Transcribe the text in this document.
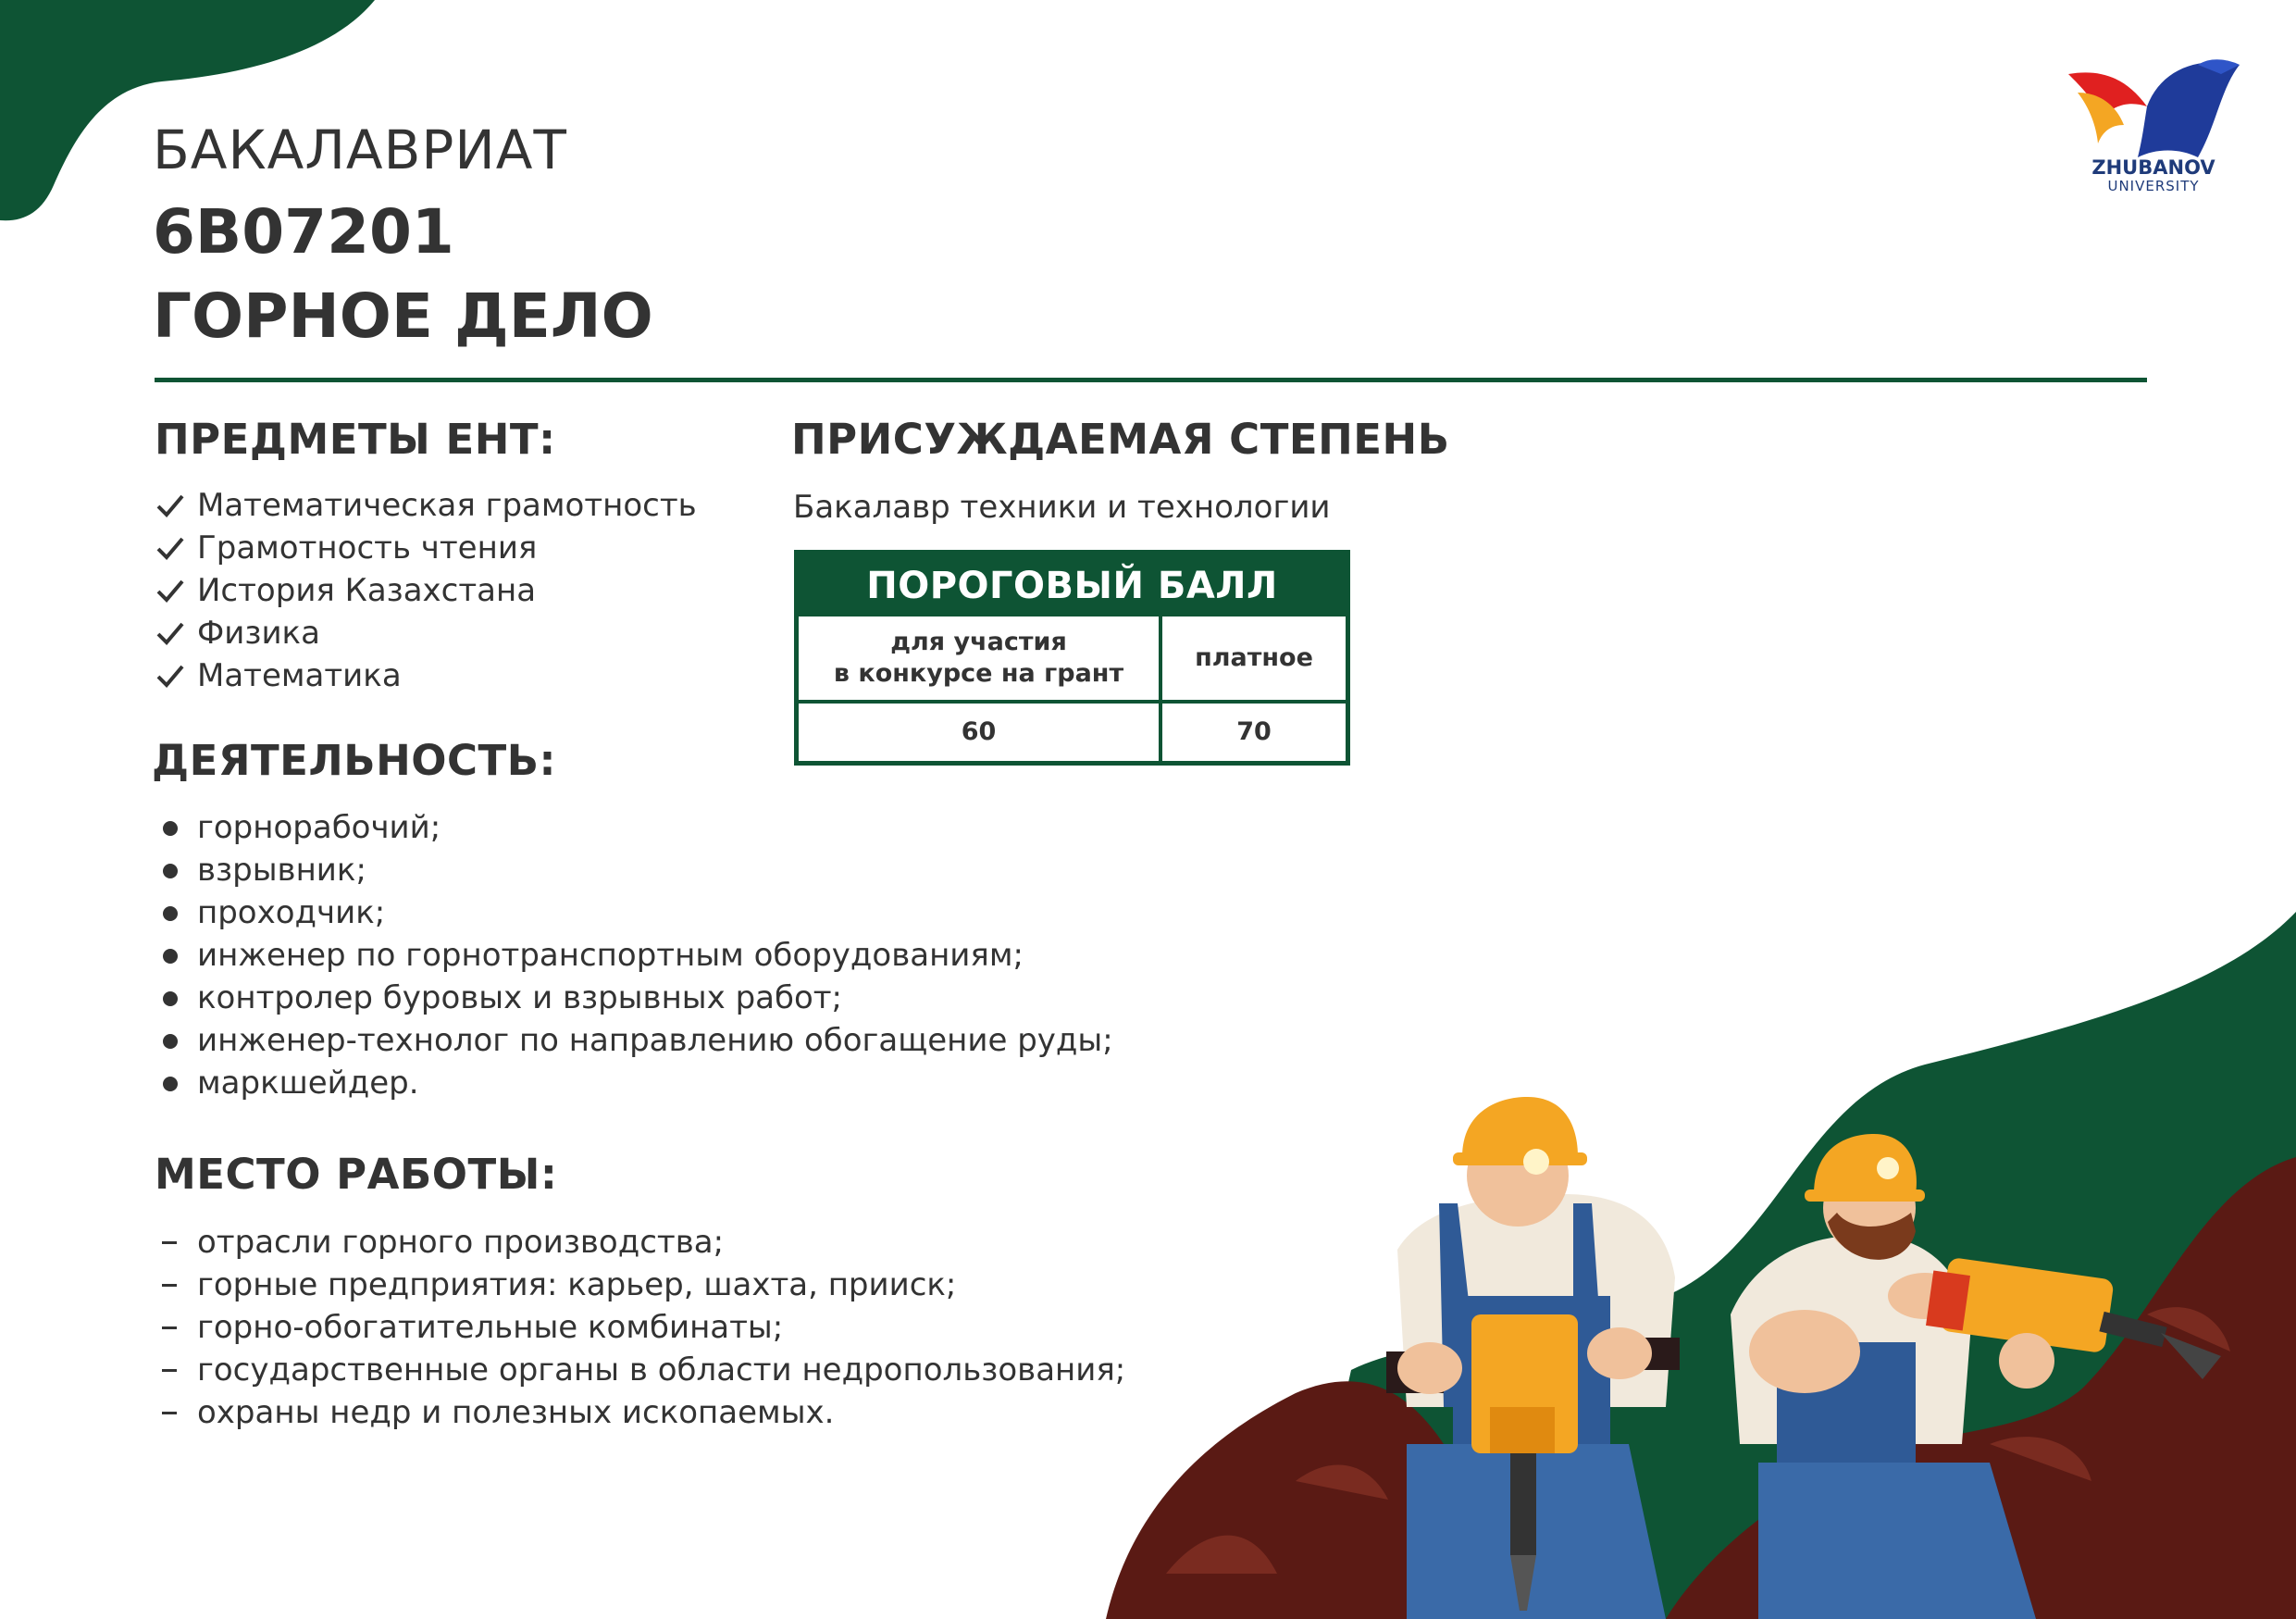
ZHUBANOV
UNIVERSITY
БАКАЛАВРИАТ
6B07201
ГОРНОЕ ДЕЛО
ПРЕДМЕТЫ ЕНТ:
Математическая грамотность
Грамотность чтения
История Казахстана
Физика
Математика
ПРИСУЖДАЕМАЯ СТЕПЕНЬ
Бакалавр техники и технологии
ПОРОГОВЫЙ БАЛЛ
для участия
в конкурсе на грант
платное
60	70
ДЕЯТЕЛЬНОСТЬ:
горнорабочий;
взрывник;
проходчик;
инженер по горнотранспортным оборудованиям;
контролер буровых и взрывных работ;
инженер-технолог по направлению обогащение руды;
маркшейдер.
МЕСТО РАБОТЫ:
отрасли горного производства;
горные предприятия: карьер, шахта, прииск;
горно-обогатительные комбинаты;
государственные органы в области недропользования;
охраны недр и полезных ископаемых.
